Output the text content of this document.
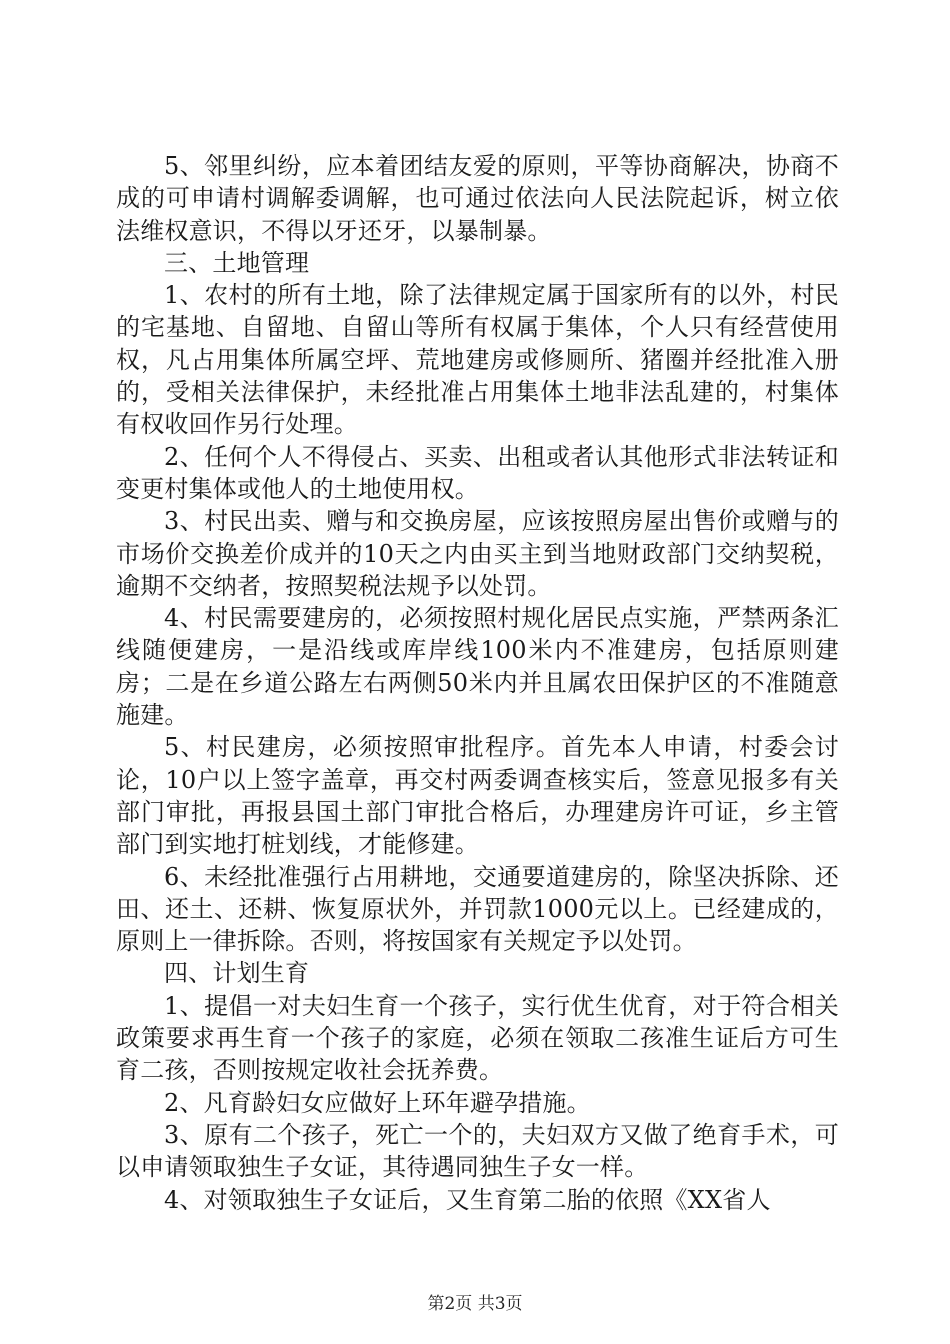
5、邻里纠纷，应本着团结友爱的原则，平等协商解决，协商不成的可申请村调解委调解，也可通过依法向人民法院起诉，树立依法维权意识，不得以牙还牙，以暴制暴。

三、土地管理

1、农村的所有土地，除了法律规定属于国家所有的以外，村民的宅基地、自留地、自留山等所有权属于集体，个人只有经营使用权，凡占用集体所属空坪、荒地建房或修厕所、猪圈并经批准入册的，受相关法律保护，未经批准占用集体土地非法乱建的，村集体有权收回作另行处理。

2、任何个人不得侵占、买卖、出租或者认其他形式非法转证和变更村集体或他人的土地使用权。

3、村民出卖、赠与和交换房屋，应该按照房屋出售价或赠与的市场价交换差价成并的10天之内由买主到当地财政部门交纳契税，逾期不交纳者，按照契税法规予以处罚。

4、村民需要建房的，必须按照村规化居民点实施，严禁两条汇线随便建房，一是沿线或库岸线100米内不准建房，包括原则建房；二是在乡道公路左右两侧50米内并且属农田保护区的不准随意施建。

5、村民建房，必须按照审批程序。首先本人申请，村委会讨论，10户以上签字盖章，再交村两委调查核实后，签意见报多有关部门审批，再报县国土部门审批合格后，办理建房许可证，乡主管部门到实地打桩划线，才能修建。

6、未经批准强行占用耕地，交通要道建房的，除坚决拆除、还田、还土、还耕、恢复原状外，并罚款1000元以上。已经建成的，原则上一律拆除。否则，将按国家有关规定予以处罚。

四、计划生育

1、提倡一对夫妇生育一个孩子，实行优生优育，对于符合相关政策要求再生育一个孩子的家庭，必须在领取二孩准生证后方可生育二孩，否则按规定收社会抚养费。

2、凡育龄妇女应做好上环年避孕措施。

3、原有二个孩子，死亡一个的，夫妇双方又做了绝育手术，可以申请领取独生子女证，其待遇同独生子女一样。

4、对领取独生子女证后，又生育第二胎的依照《XX省人

第2页 共3页
